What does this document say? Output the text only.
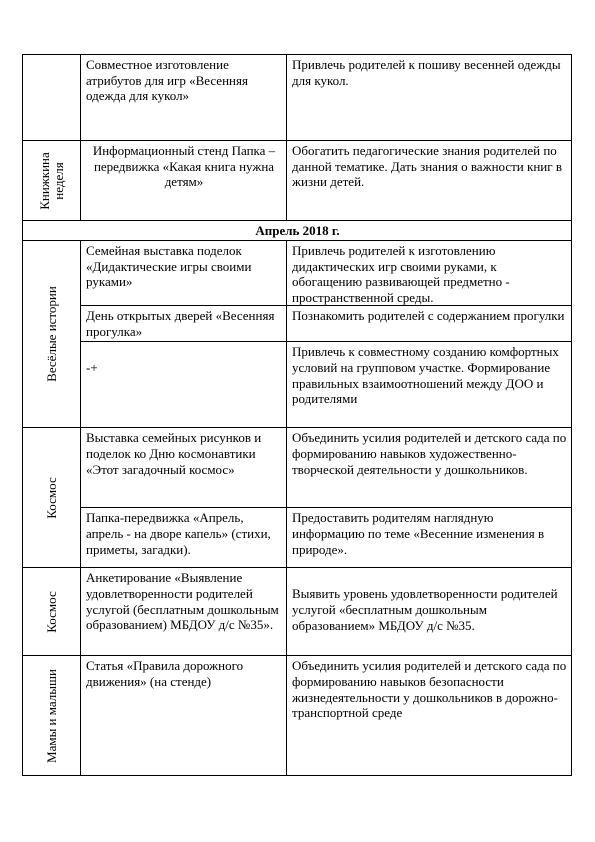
	Совместное изготовление атрибутов для игр «Весенняя одежда для кукол»	Привлечь родителей к пошиву весенней одежды для кукол.

Книжкина неделя	Информационный стенд Папка – передвижка «Какая книга нужна детям»	Обогатить педагогические знания родителей по данной тематике. Дать знания о важности книг в жизни детей.
Апрель 2018 г.		

Весёлые истории	Семейная выставка поделок «Дидактические игры своими руками»	Привлечь родителей к изготовлению дидактических игр своими руками, к обогащению развивающей предметно - пространственной среды.
	День открытых дверей «Весенняя прогулка»	Познакомить родителей с содержанием прогулки
	-+	Привлечь к совместному созданию комфортных условий на групповом участке. Формирование правильных взаимоотношений между ДОО и родителями

Космос	Выставка семейных рисунков и поделок ко Дню космонавтики «Этот загадочный космос»	Объединить усилия родителей и детского сада по формированию навыков художественно-творческой деятельности у дошкольников.
	Папка-передвижка «Апрель, апрель - на дворе капель» (стихи, приметы, загадки).	Предоставить родителям наглядную информацию по теме «Весенние изменения в природе».

Космос	Анкетирование «Выявление удовлетворенности родителей услугой (бесплатным дошкольным образованием) МБДОУ д/с №35».	Выявить уровень удовлетворенности родителей услугой «бесплатным дошкольным образованием» МБДОУ д/с №35.

Мамы и малыши	Статья «Правила дорожного движения» (на стенде)	Объединить усилия родителей и детского сада по формированию навыков безопасности жизнедеятельности у дошкольников в дорожно-транспортной среде
